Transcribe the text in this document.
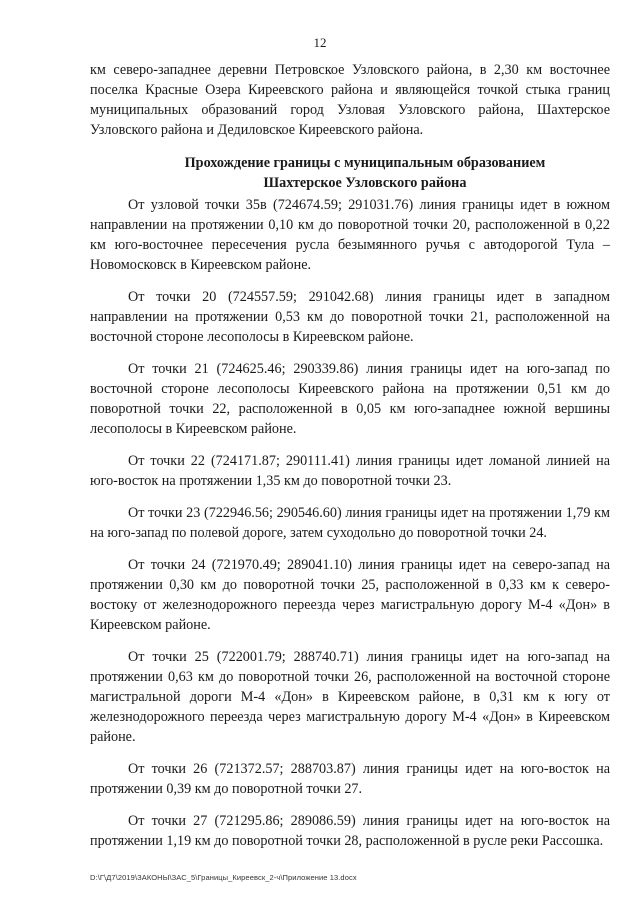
12

км северо-западнее деревни Петровское Узловского района, в 2,30 км восточнее поселка Красные Озера Киреевского района и являющейся точкой стыка границ муниципальных образований город Узловая Узловского района, Шахтерское Узловского района и Дедиловское Киреевского района.

Прохождение границы с муниципальным образованием
Шахтерское Узловского района

От узловой точки 35в (724674.59; 291031.76) линия границы идет в южном направлении на протяжении 0,10 км до поворотной точки 20, расположенной в 0,22 км юго-восточнее пересечения русла безымянного ручья с автодорогой Тула – Новомосковск в Киреевском районе.

От точки 20 (724557.59; 291042.68) линия границы идет в западном направлении на протяжении 0,53 км до поворотной точки 21, расположенной на восточной стороне лесополосы в Киреевском районе.

От точки 21 (724625.46; 290339.86) линия границы идет на юго-запад по восточной стороне лесополосы Киреевского района на протяжении 0,51 км до поворотной точки 22, расположенной в 0,05 км юго-западнее южной вершины лесополосы в Киреевском районе.

От точки 22 (724171.87; 290111.41) линия границы идет ломаной линией на юго-восток на протяжении 1,35 км до поворотной точки 23.

От точки 23 (722946.56; 290546.60) линия границы идет на протяжении 1,79 км на юго-запад по полевой дороге, затем суходольно до поворотной точки 24.

От точки 24 (721970.49; 289041.10) линия границы идет на северо-запад на протяжении 0,30 км до поворотной точки 25, расположенной в 0,33 км к северо-востоку от железнодорожного переезда через магистральную дорогу М-4 «Дон» в Киреевском районе.

От точки 25 (722001.79; 288740.71) линия границы идет на юго-запад на протяжении 0,63 км до поворотной точки 26, расположенной на восточной стороне магистральной дороги М-4 «Дон» в Киреевском районе, в 0,31 км к югу от железнодорожного переезда через магистральную дорогу М-4 «Дон» в Киреевском районе.

От точки 26 (721372.57; 288703.87) линия границы идет на юго-восток на протяжении 0,39 км до поворотной точки 27.

От точки 27 (721295.86; 289086.59) линия границы идет на юго-восток на протяжении 1,19 км до поворотной точки 28, расположенной в русле реки Рассошка.

D:\Г\Д7\2019\ЗАКОНЫ\ЗАС_5\Границы_Киреевск_2-ч\Приложение 13.docx
